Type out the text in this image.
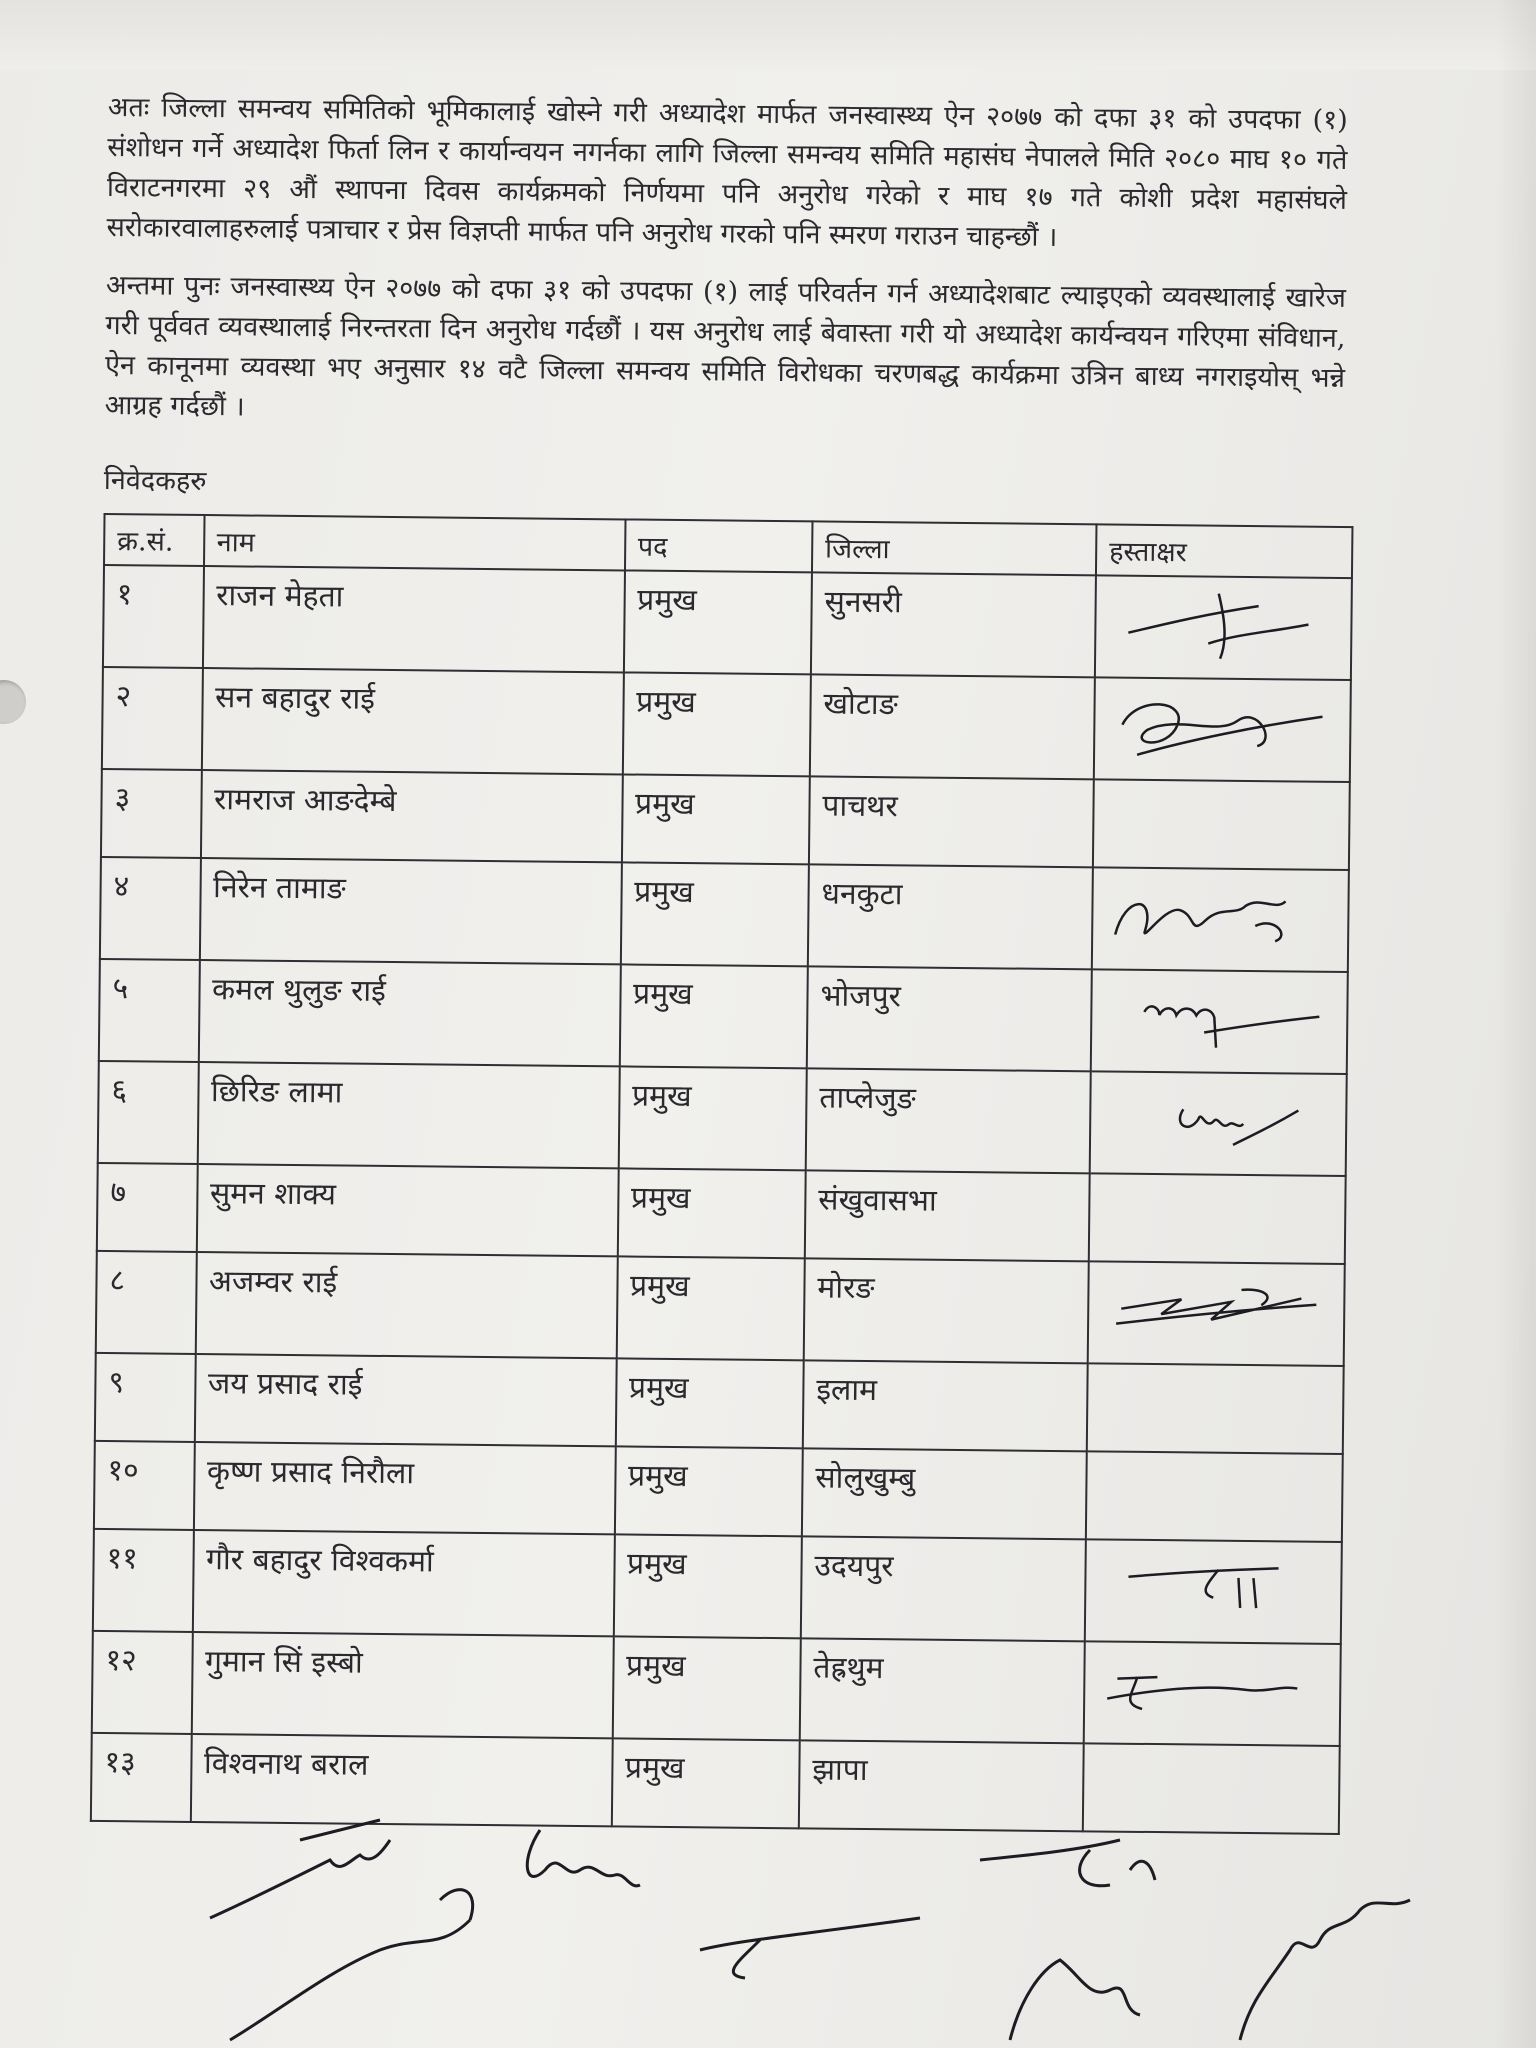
अतः जिल्ला समन्वय समितिको भूमिकालाई खोस्ने गरी अध्यादेश मार्फत जनस्वास्थ्य ऐन २०७७ को दफा ३१ को उपदफा (१) संशोधन गर्ने अध्यादेश फिर्ता लिन र कार्यान्वयन नगर्नका लागि जिल्ला समन्वय समिति महासंघ नेपालले मिति २०८० माघ १० गते विराटनगरमा २९ औं स्थापना दिवस कार्यक्रमको निर्णयमा पनि अनुरोध गरेको र माघ १७ गते कोशी प्रदेश महासंघले सरोकारवालाहरुलाई पत्राचार र प्रेस विज्ञप्ती मार्फत पनि अनुरोध गरको पनि स्मरण गराउन चाहन्छौं ।

अन्तमा पुनः जनस्वास्थ्य ऐन २०७७ को दफा ३१ को उपदफा (१) लाई परिवर्तन गर्न अध्यादेशबाट ल्याइएको व्यवस्थालाई खारेज गरी पूर्ववत व्यवस्थालाई निरन्तरता दिन अनुरोध गर्दछौं । यस अनुरोध लाई बेवास्ता गरी यो अध्यादेश कार्यन्वयन गरिएमा संविधान, ऐन कानूनमा व्यवस्था भए अनुसार १४ वटै जिल्ला समन्वय समिति विरोधका चरणबद्ध कार्यक्रमा उत्रिन बाध्य नगराइयोस् भन्ने आग्रह गर्दछौं ।

निवेदकहरु
क्र.सं.	नाम	पद	जिल्ला	हस्ताक्षर
१	राजन मेहता	प्रमुख	सुनसरी	
२	सन बहादुर राई	प्रमुख	खोटाङ	
३	रामराज आङदेम्बे	प्रमुख	पाचथर	
४	निरेन तामाङ	प्रमुख	धनकुटा	
५	कमल थुलुङ राई	प्रमुख	भोजपुर	
६	छिरिङ लामा	प्रमुख	ताप्लेजुङ	
७	सुमन शाक्य	प्रमुख	संखुवासभा	
८	अजम्वर राई	प्रमुख	मोरङ	
९	जय प्रसाद राई	प्रमुख	इलाम	
१०	कृष्ण प्रसाद निरौला	प्रमुख	सोलुखुम्बु	
११	गौर बहादुर विश्वकर्मा	प्रमुख	उदयपुर	
१२	गुमान सिं इस्बो	प्रमुख	तेह्रथुम	
१३	विश्वनाथ बराल	प्रमुख	झापा	
